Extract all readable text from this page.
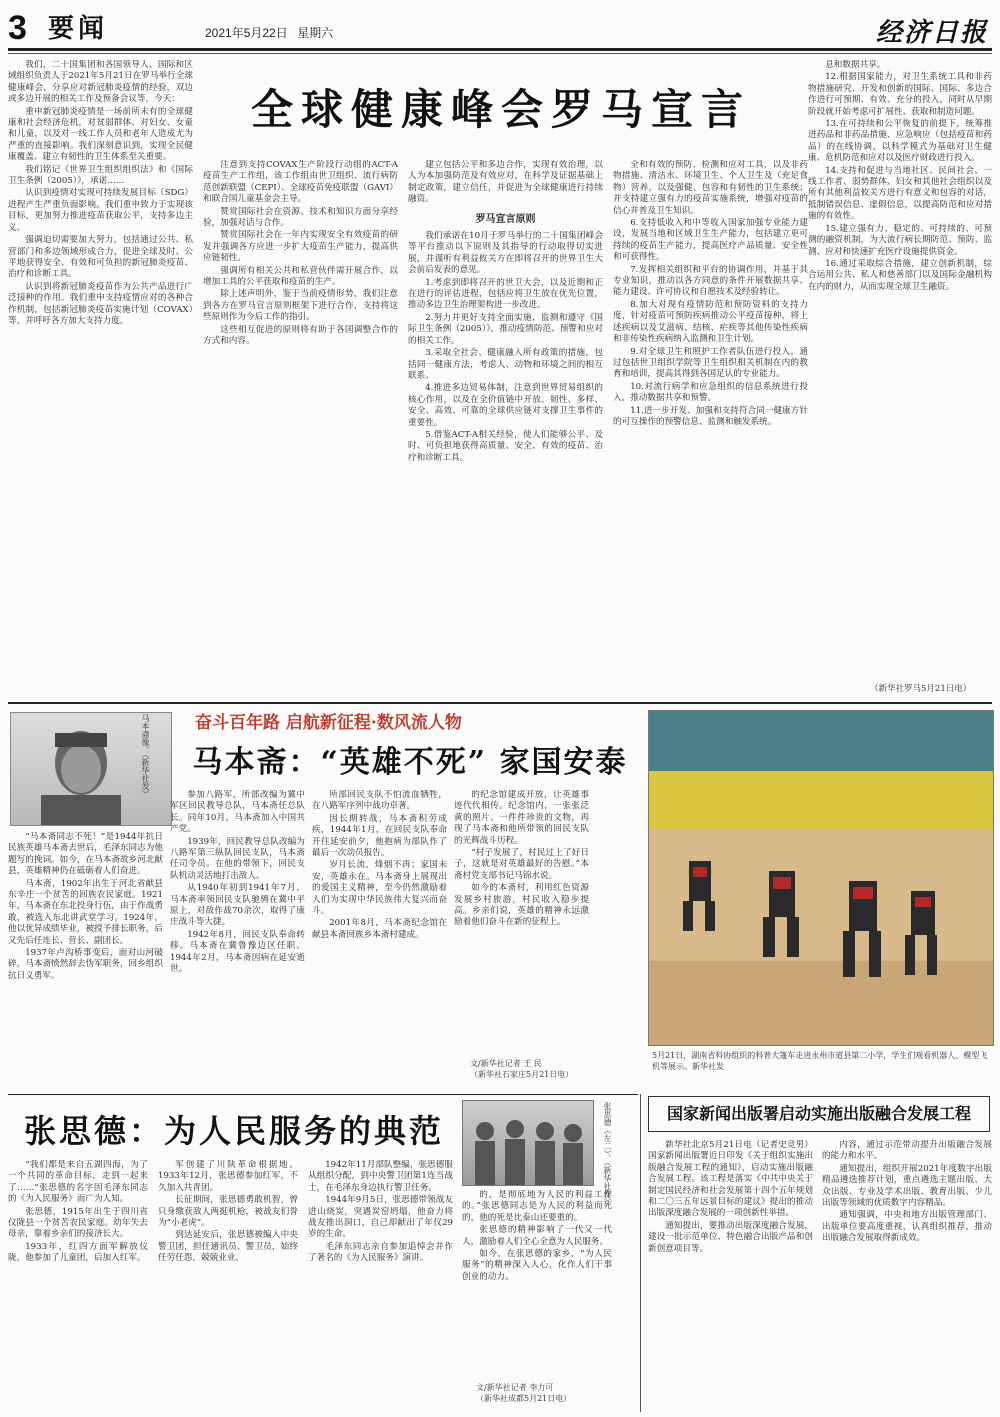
3 要闻	2021年5月22日 星期六	经济日报

我们，二十国集团和各国领导人、国际和区域组织负责人于2021年5月21日在罗马举行全球健康峰会，分享应对新冠肺炎疫情的经验，双边或多边开展的相关工作及预备会议等，今天：

重申新冠肺炎疫情是一场前所未有的全球健康和社会经济危机，对贫弱群体、对妇女、女童和儿童，以及对一线工作人员和老年人造成尤为严重的直接影响。我们深刻意识到，实现全民健康覆盖、建立有韧性的卫生体系至关重要。

我们铭记《世界卫生组织组织法》和《国际卫生条例（2005）》，承诺……

认识到疫情对实现可持续发展目标（SDG）进程产生严重负面影响。我们重申致力于实现该目标，更加努力推进疫苗获取公平，支持多边主义。

强调迫切需要加大努力，包括通过公共、私营部门和多边领域形成合力，促进全球及时、公平地获得安全、有效和可负担的新冠肺炎疫苗、治疗和诊断工具。

认识到将新冠肺炎疫苗作为公共产品进行广泛接种的作用。我们重申支持疫情应对的各种合作机制，包括新冠肺炎疫苗实施计划（COVAX）等，并呼吁各方加大支持力度。

全球健康峰会罗马宣言

注意到支持COVAX生产阶段行动组的ACT-A疫苗生产工作组，该工作组由世卫组织、流行病防范创新联盟（CEPI）、全球疫苗免疫联盟（GAVI）和联合国儿童基金会主导。

赞赏国际社会在资源、技术和知识方面分享经验，加强对话与合作。

赞赏国际社会在一年内实现安全有效疫苗的研发并强调各方应进一步扩大疫苗生产能力，提高供应链韧性。

强调所有相关公共和私营伙伴需开展合作，以增加工具的公平获取和疫苗的生产。

除上述声明外，鉴于当前疫情形势，我们注意到各方在罗马宣言原则框架下进行合作，支持将这些原则作为今后工作的指引。

这些相互促进的原则将有助于各国调整合作的方式和内容。

建立包括公平和多边合作，实现有效治理，以人为本加强防范及有效应对，在科学及证据基础上制定政策，建立信任，并促进为全球健康进行持续融资。

罗马宣言原则

我们承诺在10月于罗马举行的二十国集团峰会等平台推动以下原则及其指导的行动取得切实进展，并谨听有利益攸关方在即将召开的世界卫生大会前后发表的意见。

1.考虑到即将召开的世卫大会，以及近期和正在进行的评估进程，包括应将卫生放在优先位置，推动多边卫生治理架构进一步改进。

2.努力并更好支持全面实施、监测和遵守《国际卫生条例（2005）》，推动疫情防范、预警和应对的相关工作。

3.采取全社会、健康融入所有政策的措施，包括同一健康方法，考虑人、动物和环境之间的相互联系。

4.推进多边贸易体制，注意到世界贸易组织的核心作用，以及在全价值链中开放、韧性、多样、安全、高效、可靠的全球供应链对支撑卫生事件的重要性。

5.借鉴ACT-A相关经验，使人们能够公平、及时、可负担地获得高质量、安全、有效的疫苗、治疗和诊断工具。

全和有效的预防、检测和应对工具，以及非药物措施、清洁水、环境卫生、个人卫生及（充足食物）营养，以及强健、包容和有韧性的卫生系统；并支持建立强有力的疫苗实施系统，增强对疫苗的信心并普及卫生知识。

6.支持低收入和中等收入国家加强专业能力建设，发展当地和区域卫生生产能力，包括建立更可持续的疫苗生产能力，提高医疗产品质量、安全性和可获得性。

7.发挥相关组织和平台的协调作用，并基于其专业知识，推动以各方同意的条件开展数据共享、能力建设、许可协议和自愿技术及经验转让。

8.加大对现有疫情防范和预防资料的支持力度，针对疫苗可预防疾病推动公平疫苗接种，将上述疾病以及艾滋病、结核、疟疾等其他传染性疾病和非传染性疾病纳入监测和卫生计划。

9.对全球卫生和照护工作者队伍进行投入，通过包括世卫组织学院等卫生组织相关机制在内的教育和培训，提高其得到各国足认的专业能力。

10.对流行病学和应急组织的信息系统进行投入，推动数据共享和预警。

11.进一步开发、加强和支持符合同一健康方针的可互操作的预警信息、监测和触发系统。

息和数据共享。

12.根据国家能力，对卫生系统工具和非药物措施研究、开发和创新的国际、国际、多边合作进行可预期、有效、充分的投入，同时从早期阶段就开始考虑可扩展性、获取和制造问题。

13.在可持续和公平恢复的前提下，统筹推进药品和非药品措施、应急响应（包括疫苗和药品）的在线协调，以科学模式为基础对卫生健康、危机防范和应对以及医疗财政进行投入。

14.支持和促进与当地社区、民间社会、一线工作者、弱势群体、妇女和其他社会组织以及所有其他利益攸关方进行有意义和包容的对话，抵制错误信息、虚假信息，以提高防范和应对措施的有效性。

15.建立强有力、稳定的、可持续的、可预测的融资机制，为大流行病长期防范、预防、监测、应对和快速扩充医疗设施提供资金。

16.通过采取综合措施，建立创新机制，综合运用公共、私人和慈善部门以及国际金融机构在内的财力，从而实现全球卫生融资。

（新华社罗马5月21日电）
马本斋像。（新华社发）	奋斗百年路 启航新征程·数风流人物
马本斋：“英雄不死” 家国安泰

“马本斋同志不死！”是1944年抗日民族英雄马本斋去世后，毛泽东同志为他题写的挽词。如今，在马本斋故乡河北献县，英雄精神仍在砥砺着人们奋进。

马本斋，1902年出生于河北省献县东辛庄一个贫苦的回族农民家庭。1921年，马本斋在东北投身行伍，由于作战勇敢，被选入东北讲武堂学习。1924年，他以优异成绩毕业，被授予排长职务，后又先后任连长、营长、副团长。

1937年卢沟桥事变后，面对山河破碎，马本斋愤然辞去伪军职务，回乡组织抗日义勇军。

参加八路军，所部改编为冀中军区回民教导总队，马本斋任总队长。同年10月，马本斋加入中国共产党。

1939年，回民教导总队改编为八路军第三纵队回民支队，马本斋任司令员。在他的带领下，回民支队机动灵活地打击敌人。

从1940年初到1941年7月，马本斋率领回民支队驰骋在冀中平原上，对敌作战70余次，取得了康庄战斗等大捷。

1942年8月，回民支队奉命转移。马本斋在冀鲁豫边区任职。1944年2月，马本斋因病在延安逝世。

所部回民支队不怕流血牺牲，在八路军序列中战功卓著。

因长期转战，马本斋积劳成疾，1944年1月，在回民支队奉命开往延安前夕，他抱病为部队作了最后一次动员报告。

岁月长流，烽烟不再；家国未安，英雄永在。马本斋身上展现出的爱国主义精神，至今仍然激励着人们为实现中华民族伟大复兴而奋斗。

2001年8月，马本斋纪念馆在献县本斋回族乡本斋村建成。

的纪念馆建成开放，让英雄事迹代代相传。纪念馆内，一张张泛黄的照片、一件件珍贵的文物，再现了马本斋和他所带领的回民支队的光辉战斗历程。

“村子发展了，村民过上了好日子，这就是对英雄最好的告慰。”本斋村党支部书记马锦水说。

如今的本斋村，利用红色资源发展乡村旅游，村民收入稳步提高。乡亲们说，英雄的精神永远激励着他们奋斗在新的征程上。

文/新华社记者 王 民
（新华社石家庄5月21日电）
5月21日，湖南省科协组织的科普大篷车走进永州市道县第二小学，学生们观看机器人、模型飞机等展示。新华社发
张思德：为人民服务的典范	张思德（左二）。（新华社发）

“我们都是来自五湖四海，为了一个共同的革命目标，走到一起来了……”张思德的名字因毛泽东同志的《为人民服务》而广为人知。

张思德，1915年出生于四川省仪陇县一个贫苦农民家庭。幼年失去母亲，靠着乡亲们的接济长大。

1933年，红四方面军解放仪陇，他参加了儿童团，后加入红军。

军创建了川陕革命根据地。1933年12月，张思德参加红军，不久加入共青团。

长征期间，张思德勇敢机智，曾只身缴获敌人两挺机枪，被战友们誉为“小老虎”。

到达延安后，张思德被编入中央警卫团，担任通讯员、警卫员，始终任劳任怨，兢兢业业。

1942年11月部队整编，张思德服从组织分配，到中央警卫团第1连当战士，在毛泽东身边执行警卫任务。

1944年9月5日，张思德带领战友进山烧炭，突遇炭窑坍塌，他奋力将战友推出洞口，自己却献出了年仅29岁的生命。

毛泽东同志亲自参加追悼会并作了著名的《为人民服务》演讲。

的，是彻底地为人民的利益工作的。”张思德同志是为人民的利益而死的，他的死是比泰山还要重的。

张思德的精神影响了一代又一代人，激励着人们全心全意为人民服务。

如今，在张思德的家乡，“为人民服务”的精神深入人心，化作人们干事创业的动力。

文/新华社记者 李力可
（新华社成都5月21日电）
国家新闻出版署启动实施出版融合发展工程

新华社北京5月21日电（记者史竞男）国家新闻出版署近日印发《关于组织实施出版融合发展工程的通知》，启动实施出版融合发展工程。该工程是落实《中共中央关于制定国民经济和社会发展第十四个五年规划和二〇三五年远景目标的建议》提出的推动出版深度融合发展的一项创新性举措。

通知提出，要推动出版深度融合发展，建设一批示范单位、特色融合出版产品和创新创意项目等。

内容，通过示范带动提升出版融合发展的能力和水平。

通知提出，组织开展2021年度数字出版精品遴选推荐计划，重点遴选主题出版、大众出版、专业及学术出版、教育出版、少儿出版等领域的优质数字内容精品。

通知强调，中央和地方出版管理部门、出版单位要高度重视，认真组织推荐，推动出版融合发展取得新成效。
